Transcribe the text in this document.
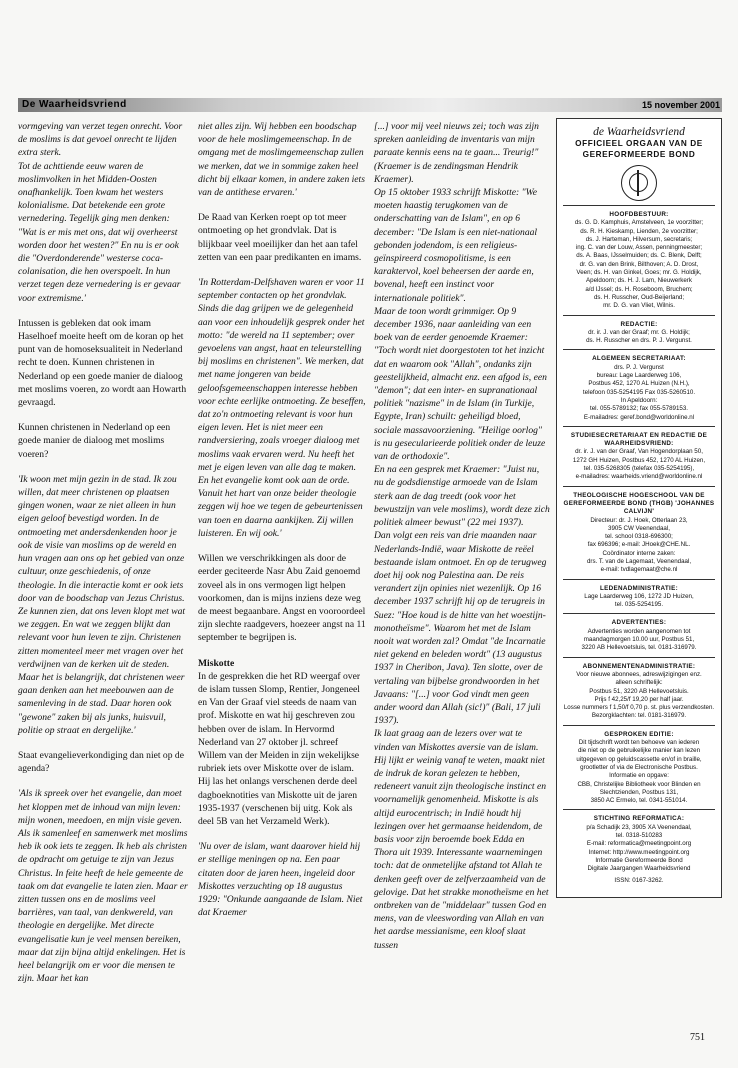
De Waarheidsvriend	15 november 2001

vormgeving van verzet tegen onrecht. Voor de moslims is dat gevoel onrecht te lijden extra sterk.
Tot de achttiende eeuw waren de moslimvolken in het Midden-Oosten onafhankelijk. Toen kwam het westers kolonialisme. Dat betekende een grote vernedering. Tegelijk ging men denken: "Wat is er mis met ons, dat wij overheerst worden door het westen?" En nu is er ook die "Overdonderende" westerse coca-colanisation, die hen overspoelt. In hun verzet tegen deze vernedering is er gevaar voor extremisme.'

Intussen is gebleken dat ook imam Haselhoef moeite heeft om de koran op het punt van de homoseksualiteit in Nederland recht te doen. Kunnen christenen in Nederland op een goede manier de dialoog met moslims voeren, zo wordt aan Howarth gevraagd.

Kunnen christenen in Nederland op een goede manier de dialoog met moslims voeren?

'Ik woon met mijn gezin in de stad. Ik zou willen, dat meer christenen op plaatsen gingen wonen, waar ze niet alleen in hun eigen geloof bevestigd worden. In de ontmoeting met andersdenkenden hoor je ook de visie van moslims op de wereld en hun vragen aan ons op het gebied van onze cultuur, onze geschiedenis, of onze theologie. In die interactie komt er ook iets door van de boodschap van Jezus Christus. Ze kunnen zien, dat ons leven klopt met wat we zeggen. En wat we zeggen blijkt dan relevant voor hun leven te zijn. Christenen zitten momenteel meer met vragen over het verdwijnen van de kerken uit de steden. Maar het is belangrijk, dat christenen weer gaan denken aan het meebouwen aan de samenleving in de stad. Daar horen ook "gewone" zaken bij als junks, huisvuil, politie op straat en dergelijke.'

Staat evangelieverkondiging dan niet op de agenda?

'Als ik spreek over het evangelie, dan moet het kloppen met de inhoud van mijn leven: mijn wonen, meedoen, en mijn visie geven. Als ik samenleef en samenwerk met moslims heb ik ook iets te zeggen. Ik heb als christen de opdracht om getuige te zijn van Jezus Christus. In feite heeft de hele gemeente de taak om dat evangelie te laten zien. Maar er zitten tussen ons en de moslims veel barrières, van taal, van denkwereld, van theologie en dergelijke. Met directe evangelisatie kun je veel mensen bereiken, maar dat zijn bijna altijd enkelingen. Het is heel belangrijk om er voor die mensen te zijn. Maar het kan

niet alles zijn. Wij hebben een boodschap voor de hele moslimgemeenschap. In de omgang met de moslimgemeenschap zullen we merken, dat we in sommige zaken heel dicht bij elkaar komen, in andere zaken iets van de antithese ervaren.'

De Raad van Kerken roept op tot meer ontmoeting op het grondvlak. Dat is blijkbaar veel moeilijker dan het aan tafel zetten van een paar predikanten en imams.

'In Rotterdam-Delfshaven waren er voor 11 september contacten op het grondvlak. Sinds die dag grijpen we de gelegenheid aan voor een inhoudelijk gesprek onder het motto: "de wereld na 11 september; over gevoelens van angst, haat en teleurstelling bij moslims en christenen". We merken, dat met name jongeren van beide geloofsgemeenschappen interesse hebben voor echte eerlijke ontmoeting. Ze beseffen, dat zo'n ontmoeting relevant is voor hun eigen leven. Het is niet meer een randversiering, zoals vroeger dialoog met moslims vaak ervaren werd. Nu heeft het met je eigen leven van alle dag te maken. En het evangelie komt ook aan de orde. Vanuit het hart van onze beider theologie zeggen wij hoe we tegen de gebeurtenissen van toen en daarna aankijken. Zij willen luisteren. En wij ook.'

Willen we verschrikkingen als door de eerder geciteerde Nasr Abu Zaid genoemd zoveel als in ons vermogen ligt helpen voorkomen, dan is mijns inziens deze weg de meest begaanbare. Angst en vooroordeel zijn slechte raadgevers, hoezeer angst na 11 september te begrijpen is.

Miskotte

In de gesprekken die het RD weergaf over de islam tussen Slomp, Rentier, Jongeneel en Van der Graaf viel steeds de naam van prof. Miskotte en wat hij geschreven zou hebben over de islam. In Hervormd Nederland van 27 oktober jl. schreef Willem van der Meiden in zijn wekelijkse rubriek iets over Miskotte over de islam. Hij las het onlangs verschenen derde deel dagboeknotities van Miskotte uit de jaren 1935-1937 (verschenen bij uitg. Kok als deel 5B van het Verzameld Werk).

'Nu over de islam, want daarover hield hij er stellige meningen op na. Een paar citaten door de jaren heen, ingeleid door Miskottes verzuchting op 18 augustus 1929: "Onkunde aangaande de Islam. Niet dat Kraemer

[...] voor mij veel nieuws zei; toch was zijn spreken aanleiding de inventaris van mijn paraate kennis eens na te gaan... Treurig!" (Kraemer is de zendingsman Hendrik Kraemer).
Op 15 oktober 1933 schrijft Miskotte: "We moeten haastig terugkomen van de onderschatting van de Islam", en op 6 december: "De Islam is een niet-nationaal gebonden jodendom, is een religieus-geïnspireerd cosmopolitisme, is een karaktervol, koel beheersen der aarde en, bovenal, heeft een instinct voor internationale politiek".
Maar de toon wordt grimmiger. Op 9 december 1936, naar aanleiding van een boek van de eerder genoemde Kraemer: "Toch wordt niet doorgestoten tot het inzicht dat en waarom ook "Allah", ondanks zijn geestelijkheid, almacht enz. een afgod is, een "demon"; dat een inter- en supranationaal politiek "nazisme" in de Islam (in Turkije, Egypte, Iran) schuilt: geheiligd bloed, sociale massavoorziening. "Heilige oorlog" is nu gesecularieerde politiek onder de leuze van de orthodoxie".
En na een gesprek met Kraemer: "Juist nu, nu de godsdienstige armoede van de Islam sterk aan de dag treedt (ook voor het bewustzijn van vele moslims), wordt deze zich politiek almeer bewust" (22 mei 1937).
Dan volgt een reis van drie maanden naar Nederlands-Indië, waar Miskotte de reëel bestaande islam ontmoet. En op de terugweg doet hij ook nog Palestina aan. De reis verandert zijn opinies niet wezenlijk. Op 16 december 1937 schrijft hij op de terugreis in Suez: "Hoe koud is de hitte van het woestijn-monotheïsme". Waarom het met de Islam nooit wat worden zal? Omdat "de Incarnatie niet gekend en beleden wordt" (13 augustus 1937 in Cheribon, Java). Ten slotte, over de vertaling van bijbelse grondwoorden in het Javaans: "[...] voor God vindt men geen ander woord dan Allah (sic!)" (Bali, 17 juli 1937).
Ik laat graag aan de lezers over wat te vinden van Miskottes aversie van de islam. Hij lijkt er weinig vanaf te weten, maakt niet de indruk de koran gelezen te hebben, redeneert vanuit zijn theologische instinct en voornamelijk genomenheid. Miskotte is als altijd eurocentrisch; in Indië houdt hij lezingen over het germaanse heidendom, de basis voor zijn beroemde boek Edda en Thora uit 1939. Interessante waarnemingen toch: dat de onmetelijke afstand tot Allah te denken geeft over de zelfverzaamheid van de gelovige. Dat het strakke monotheïsme en het ontbreken van de "middelaar" tussen God en mens, van de vleeswording van Allah en van het aardse messianisme, een kloof slaat tussen

de Waarheidsvriend
OFFICIEEL ORGAAN VAN DE GEREFORMEERDE BOND
HOOFDBESTUUR:
ds. G. D. Kamphuis, Amstelveen, 1e voorzitter;
ds. R. H. Kieskamp, Lienden, 2e voorzitter;
ds. J. Harteman, Hilversum, secretaris;
ing. C. van der Louw, Assen, penningmeester;
ds. A. Baas, IJsselmuiden; ds. C. Blenk, Delft;
dr. G. van den Brink, Bilthoven; A. D. Drost,
Veen; ds. H. van Ginkel, Goes; mr. G. Holdijk,
Apeldoorn; ds. H. J. Lam, Nieuwerkerk
a/d IJssel; ds. H. Roseboom, Bruchem;
ds. H. Russcher, Oud-Beijerland;
mr. D. G. van Vliet, Wilnis.
REDACTIE:
dr. ir. J. van der Graaf; mr. G. Holdijk;
ds. H. Russcher en drs. P. J. Vergunst.
ALGEMEEN SECRETARIAAT:
drs. P. J. Vergunst
bureau: Lage Laarderweg 106,
Postbus 452, 1270 AL Huizen (N.H.),
telefoon 035-5254195 Fax 035-5260510.
In Apeldoorn:
tel. 055-5789132; fax 055-5789153.
E-mailadres: geref.bond@worldonline.nl
STUDIESECRETARIAAT EN REDACTIE DE WAARHEIDSVRIEND:
dr. ir. J. van der Graaf, Van Hogendorplaan 50,
1272 GH Huizen, Postbus 452, 1270 AL Huizen,
tel. 035-5268305 (telefax 035-5254195),
e-mailadres: waarheids.vriend@worldonline.nl
THEOLOGISCHE HOGESCHOOL VAN DE GEREFORMEERDE BOND (THGB) 'JOHANNES CALVIJN'
Directeur: dr. J. Hoek, Otterlaan 23,
3905 CW Veenendaal,
tel. school 0318-696300;
fax 696396; e-mail: JHoek@CHE.NL.
Coördinator interne zaken:
drs. T. van de Lagemaat, Veenendaal,
e-mail: tvdlagemaat@che.nl
LEDENADMINISTRATIE:
Lage Laarderweg 106, 1272 JD Huizen,
tel. 035-5254195.
ADVERTENTIES:
Advertenties worden aangenomen tot
maandagmorgen 10.00 uur, Postbus 51,
3220 AB Hellevoetsluis, tel. 0181-316979.
ABONNEMENTENADMINISTRATIE:
Voor nieuwe abonnees, adreswijzigingen enz.
alleen schriftelijk:
Postbus 51, 3220 AB Hellevoetsluis.
Prijs f 42,25/f 19,20 per half jaar.
Losse nummers f 1,50/f 0,70 p. st. plus verzendkosten. Bezorgklachten: tel. 0181-316979.
GESPROKEN EDITIE:
Dit tijdschrift wordt ten behoeve van iederen
die niet op de gebruikelijke manier kan lezen
uitgegeven op geluidscassette en/of in braille,
grootletter of via de Electronische Postbus.
Informatie en opgave:
CBB, Christelijke Bibliotheek voor Blinden en
Slechtzienden, Postbus 131,
3850 AC Ermelo, tel. 0341-551014.
STICHTING REFORMATICA:
p/a Schadijk 23, 3905 XA Veenendaal,
tel. 0318-510283
E-mail: reformatica@meetingpoint.org
Internet: http://www.meetingpoint.org
Informatie Gereformeerde Bond
Digitale Jaargangen Waarheidsvriend
ISSN: 0167-3262.
751
